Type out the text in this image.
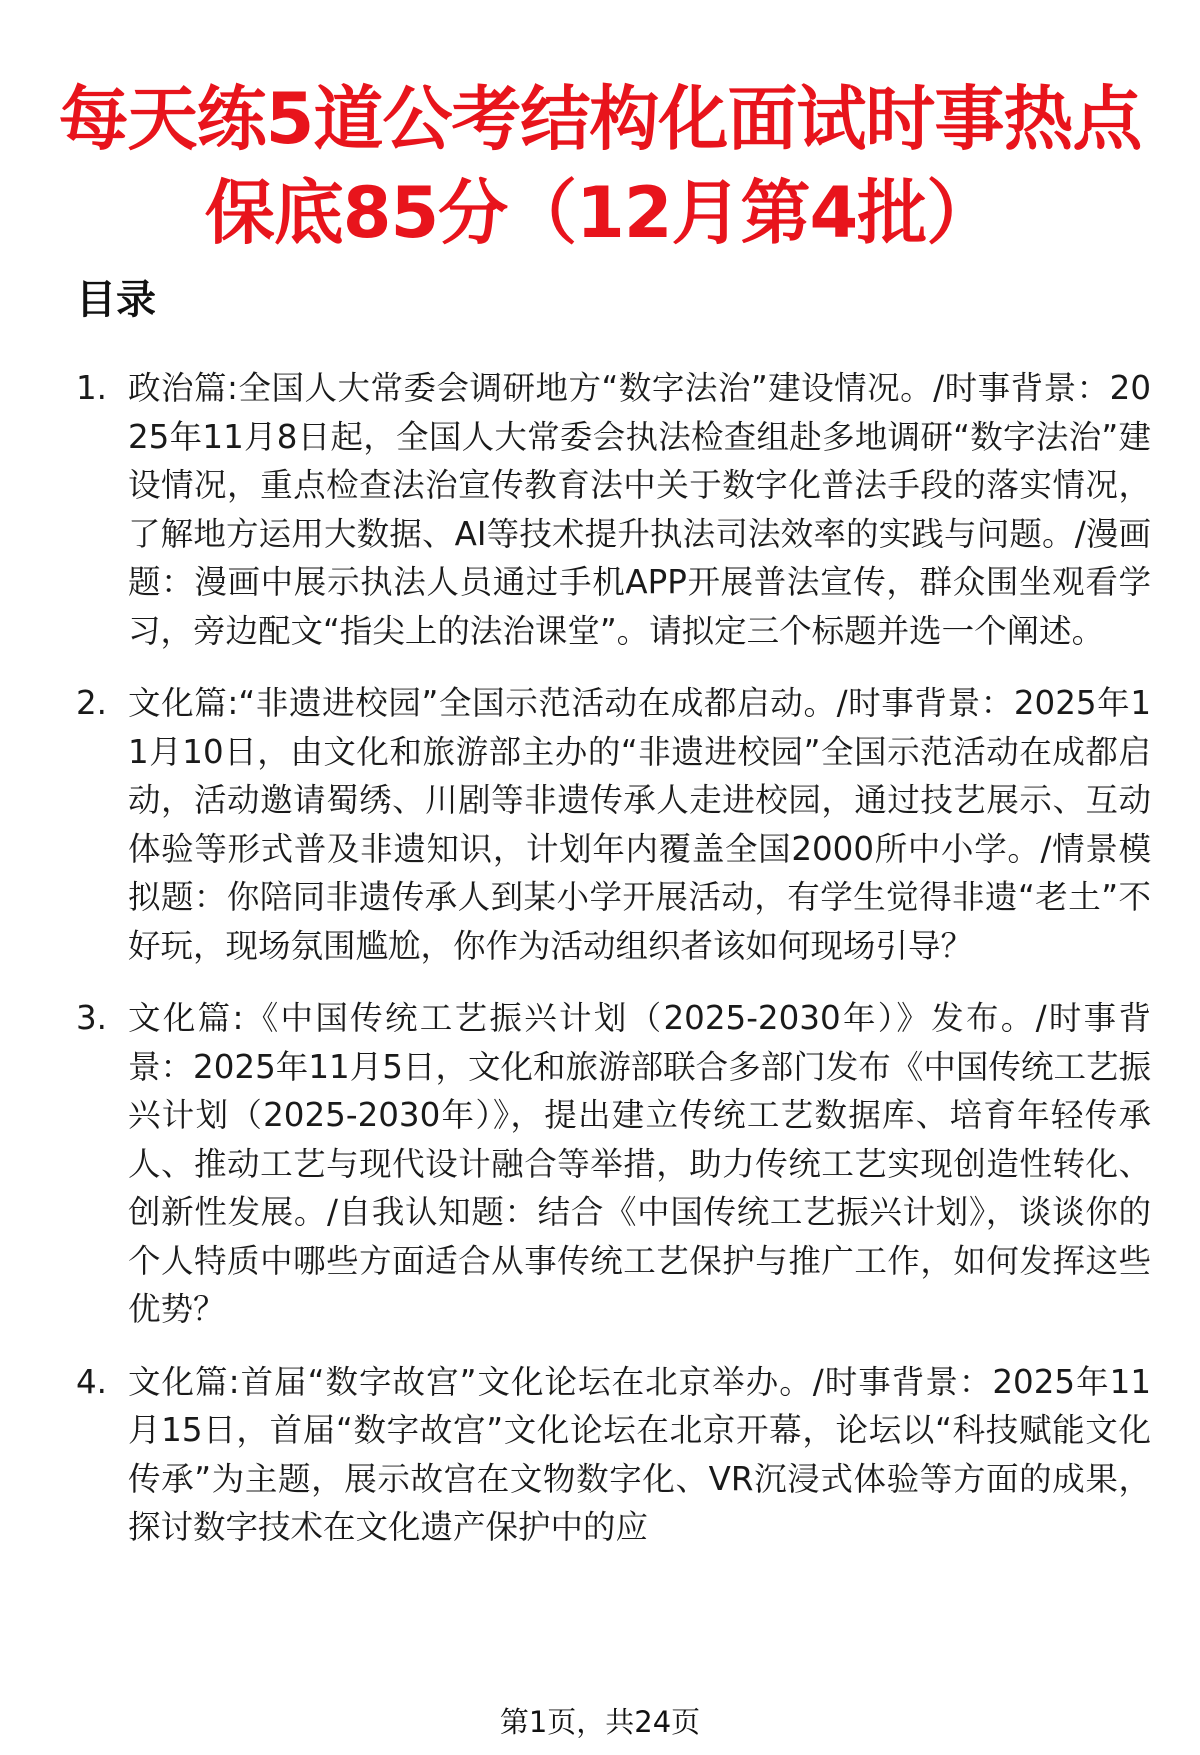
每天练5道公考结构化面试时事热点
保底85分（12月第4批）
目录
1. 政治篇:全国人大常委会调研地方“数字法治”建设情况。/时事背景：2025年11月8日起，全国人大常委会执法检查组赴多地调研“数字法治”建设情况，重点检查法治宣传教育法中关于数字化普法手段的落实情况，了解地方运用大数据、AI等技术提升执法司法效率的实践与问题。/漫画题：漫画中展示执法人员通过手机APP开展普法宣传，群众围坐观看学习，旁边配文“指尖上的法治课堂”。请拟定三个标题并选一个阐述。
2. 文化篇:“非遗进校园”全国示范活动在成都启动。/时事背景：2025年11月10日，由文化和旅游部主办的“非遗进校园”全国示范活动在成都启动，活动邀请蜀绣、川剧等非遗传承人走进校园，通过技艺展示、互动体验等形式普及非遗知识，计划年内覆盖全国2000所中小学。/情景模拟题：你陪同非遗传承人到某小学开展活动，有学生觉得非遗“老土”不好玩，现场氛围尴尬，你作为活动组织者该如何现场引导？
3. 文化篇:《中国传统工艺振兴计划（2025-2030年）》发布。/时事背景：2025年11月5日，文化和旅游部联合多部门发布《中国传统工艺振兴计划（2025-2030年）》，提出建立传统工艺数据库、培育年轻传承人、推动工艺与现代设计融合等举措，助力传统工艺实现创造性转化、创新性发展。/自我认知题：结合《中国传统工艺振兴计划》，谈谈你的个人特质中哪些方面适合从事传统工艺保护与推广工作，如何发挥这些优势？
4. 文化篇:首届“数字故宫”文化论坛在北京举办。/时事背景：2025年11月15日，首届“数字故宫”文化论坛在北京开幕，论坛以“科技赋能文化传承”为主题，展示故宫在文物数字化、VR沉浸式体验等方面的成果，探讨数字技术在文化遗产保护中的应
第1页，共24页
